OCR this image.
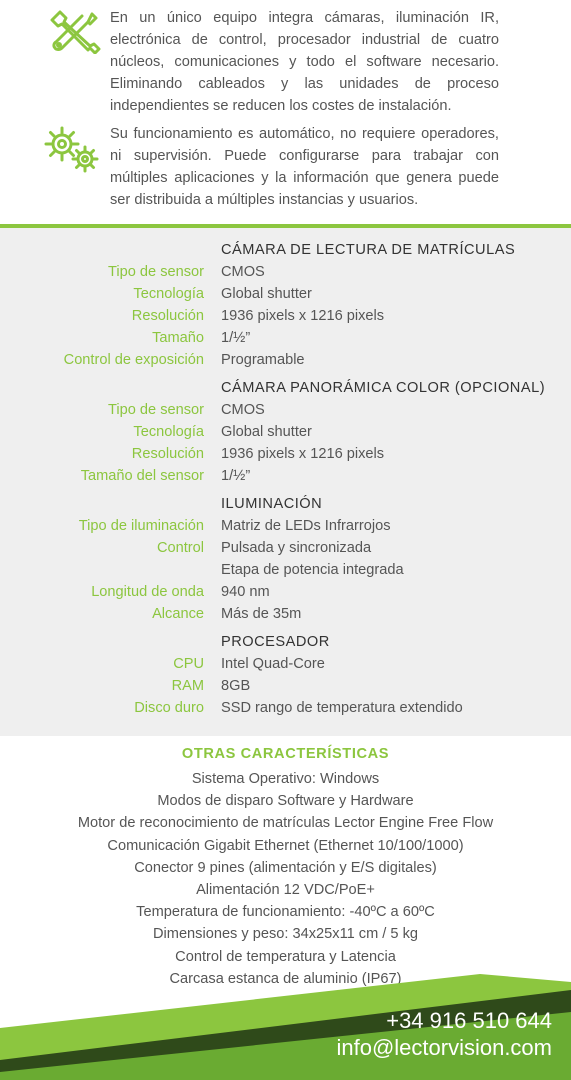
En un único equipo integra cámaras, iluminación IR, electrónica de control, procesador industrial de cuatro núcleos, comunicaciones y todo el software necesario. Eliminando cableados y las unidades de proceso independientes se reducen los costes de instalación.
Su funcionamiento es automático, no requiere operadores, ni supervisión. Puede configurarse para trabajar con múltiples aplicaciones y la información que genera puede ser distribuida a múltiples instancias y usuarios.
CÁMARA DE LECTURA DE MATRÍCULAS
Tipo de sensor CMOS
Tecnología Global shutter
Resolución 1936 pixels x 1216 pixels
Tamaño 1/½”
Control de exposición Programable
CÁMARA PANORÁMICA COLOR (OPCIONAL)
Tipo de sensor CMOS
Tecnología Global shutter
Resolución 1936 pixels x 1216 pixels
Tamaño del sensor 1/½”
ILUMINACIÓN
Tipo de iluminación Matriz de LEDs Infrarrojos
Control Pulsada y sincronizada
Etapa de potencia integrada
Longitud de onda 940 nm
Alcance Más de 35m
PROCESADOR
CPU Intel Quad-Core
RAM 8GB
Disco duro SSD rango de temperatura extendido
OTRAS CARACTERÍSTICAS
Sistema Operativo: Windows
Modos de disparo Software y Hardware
Motor de reconocimiento de matrículas Lector Engine Free Flow
Comunicación Gigabit Ethernet (Ethernet 10/100/1000)
Conector 9 pines (alimentación y E/S digitales)
Alimentación 12 VDC/PoE+
Temperatura de funcionamiento: -40ºC a 60ºC
Dimensiones y peso: 34x25x11 cm / 5 kg
Control de temperatura y Latencia
Carcasa estanca de aluminio (IP67)
+34 916 510 644
info@lectorvision.com
